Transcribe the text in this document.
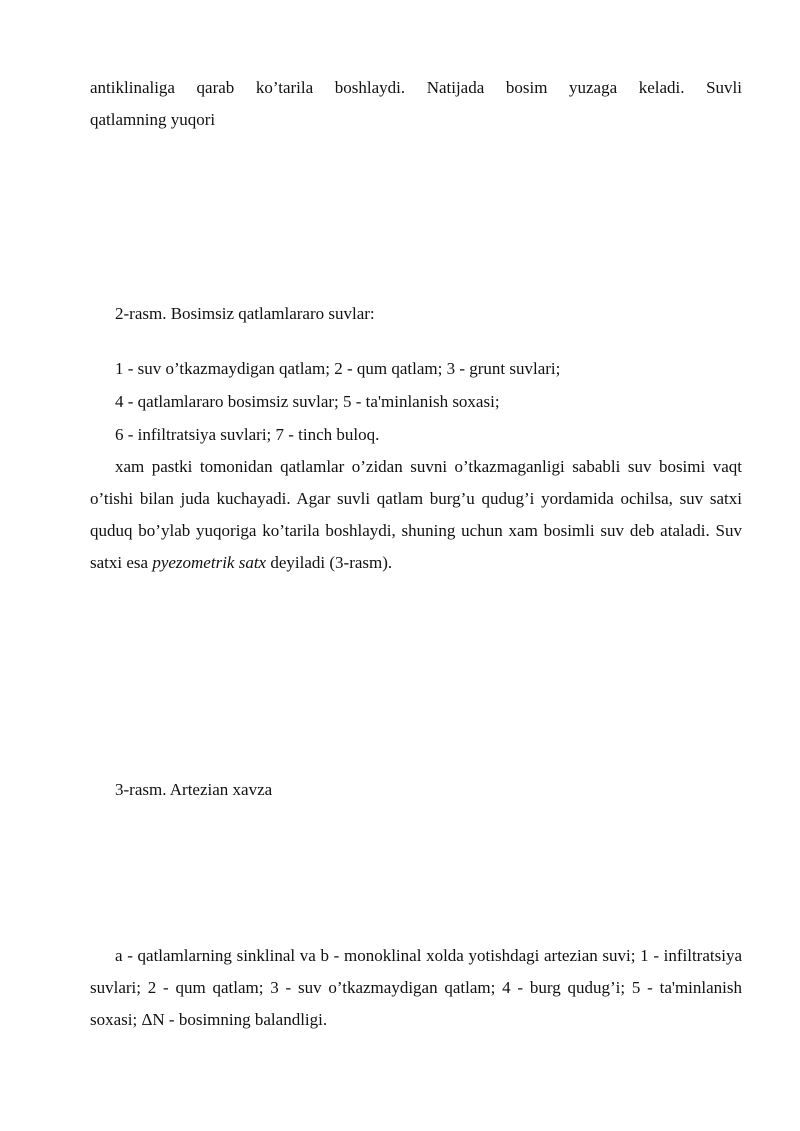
antiklinaliga qarab ko’tarila boshlaydi. Natijada bosim yuzaga keladi. Suvli

qatlamning yuqori

2-rasm. Bosimsiz qatlamlararo suvlar:

1 - suv o’tkazmaydigan qatlam; 2 - qum qatlam; 3 - grunt suvlari;

4 - qatlamlararo bosimsiz suvlar; 5 - ta'minlanish soxasi;

6 - infiltratsiya suvlari; 7 - tinch buloq.

xam pastki tomonidan qatlamlar o’zidan suvni o’tkazmaganligi sababli suv bosimi vaqt o’tishi bilan juda kuchayadi. Agar suvli qatlam burg’u qudug’i yordamida ochilsa, suv satxi quduq bo’ylab yuqoriga ko’tarila boshlaydi, shuning uchun xam bosimli suv deb ataladi. Suv satxi esa pyezometrik satx deyiladi (3-rasm).

3-rasm. Artezian xavza

a - qatlamlarning sinklinal va b - monoklinal xolda yotishdagi artezian suvi; 1 - infiltratsiya suvlari; 2 - qum qatlam; 3 - suv o’tkazmaydigan qatlam; 4 - burg qudug’i; 5 - ta'minlanish soxasi; ΔN - bosimning balandligi.
